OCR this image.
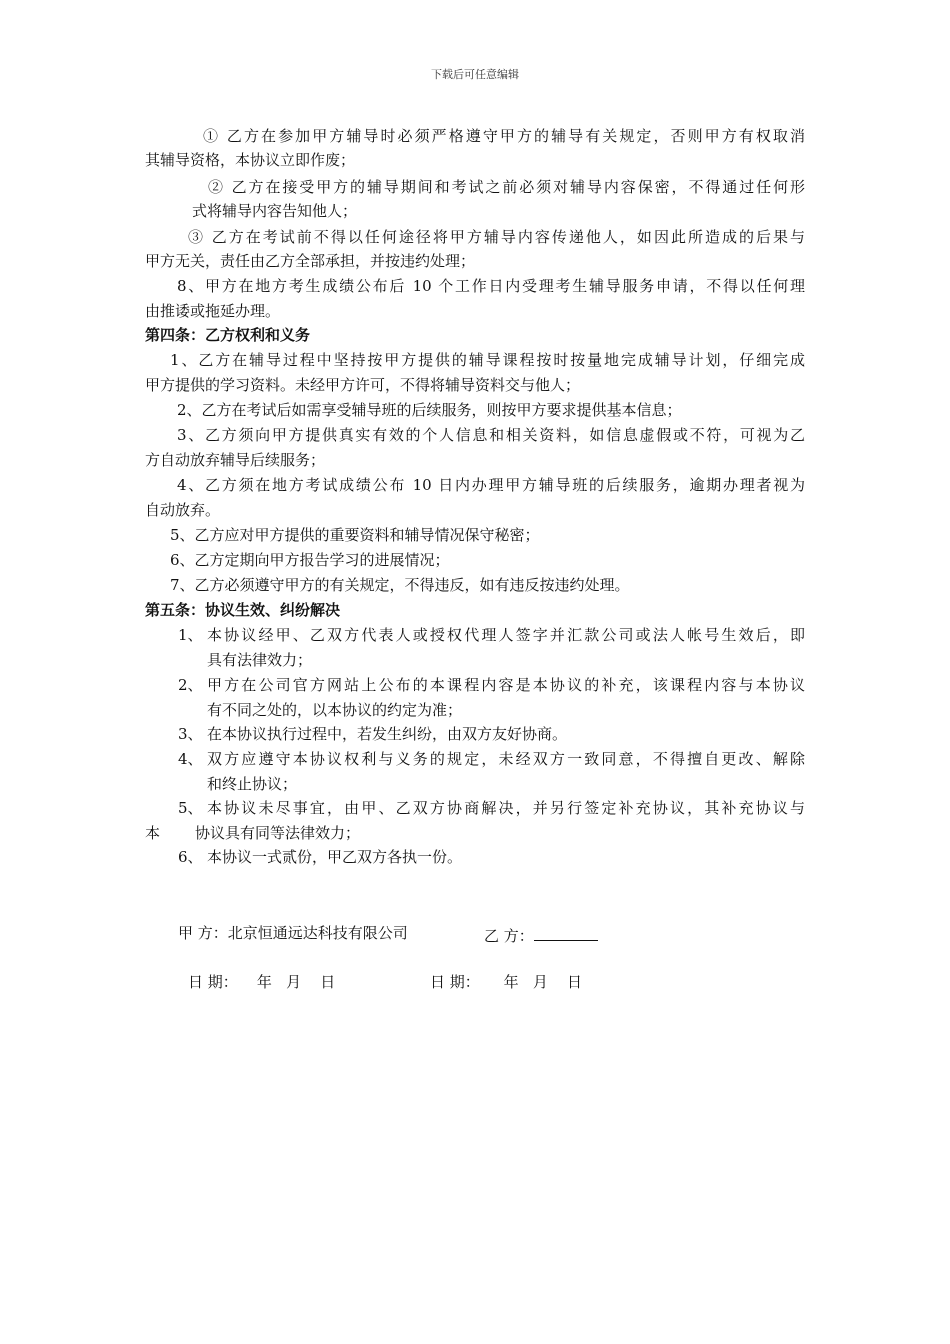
下载后可任意编辑
① 乙方在参加甲方辅导时必须严格遵守甲方的辅导有关规定，否则甲方有权取消
其辅导资格，本协议立即作废；
② 乙方在接受甲方的辅导期间和考试之前必须对辅导内容保密，不得通过任何形
式将辅导内容告知他人；
③ 乙方在考试前不得以任何途径将甲方辅导内容传递他人，如因此所造成的后果与
甲方无关，责任由乙方全部承担，并按违约处理；
8、甲方在地方考生成绩公布后 10 个工作日内受理考生辅导服务申请，不得以任何理
由推诿或拖延办理。
第四条：乙方权利和义务
1、乙方在辅导过程中坚持按甲方提供的辅导课程按时按量地完成辅导计划，仔细完成
甲方提供的学习资料。未经甲方许可，不得将辅导资料交与他人；
2、乙方在考试后如需享受辅导班的后续服务，则按甲方要求提供基本信息；
3、乙方须向甲方提供真实有效的个人信息和相关资料，如信息虚假或不符，可视为乙
方自动放弃辅导后续服务；
4、乙方须在地方考试成绩公布 10 日内办理甲方辅导班的后续服务，逾期办理者视为
自动放弃。
5、乙方应对甲方提供的重要资料和辅导情况保守秘密；
6、乙方定期向甲方报告学习的进展情况；
7、乙方必须遵守甲方的有关规定，不得违反，如有违反按违约处理。
第五条：协议生效、纠纷解决
1、 本协议经甲、乙双方代表人或授权代理人签字并汇款公司或法人帐号生效后，即
具有法律效力；
2、 甲方在公司官方网站上公布的本课程内容是本协议的补充，该课程内容与本协议
有不同之处的，以本协议的约定为准；
3、 在本协议执行过程中，若发生纠纷，由双方友好协商。
4、 双方应遵守本协议权利与义务的规定，未经双方一致同意，不得擅自更改、解除
和终止协议；
5、 本协议未尽事宜，由甲、乙双方协商解决，并另行签定补充协议，其补充协议与
本 协议具有同等法律效力；
6、 本协议一式贰份，甲乙双方各执一份。
甲 方：北京恒通远达科技有限公司	乙 方：
日 期：    年   月    日	日 期：     年   月    日
